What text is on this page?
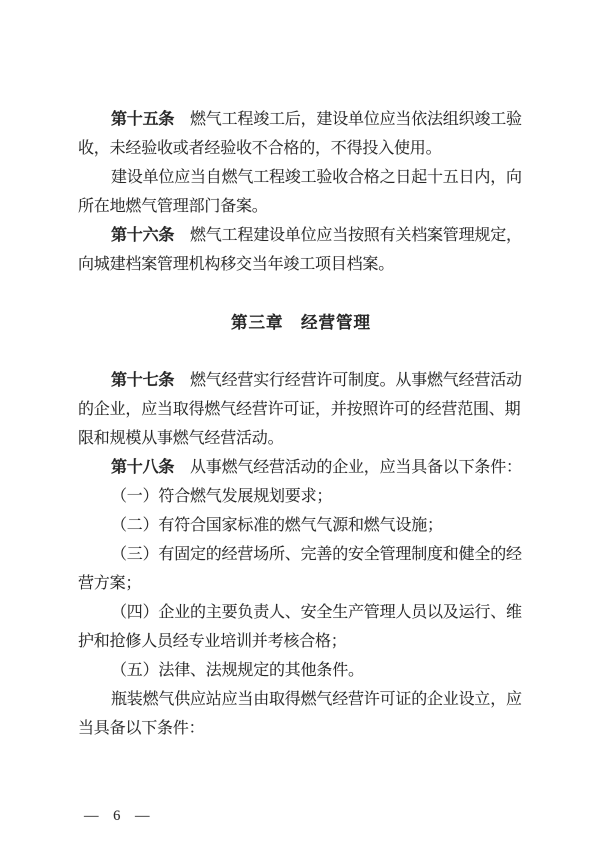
第十五条　燃气工程竣工后，建设单位应当依法组织竣工验
收，未经验收或者经验收不合格的，不得投入使用。
建设单位应当自燃气工程竣工验收合格之日起十五日内，向
所在地燃气管理部门备案。
第十六条　燃气工程建设单位应当按照有关档案管理规定，
向城建档案管理机构移交当年竣工项目档案。
第三章　经营管理
第十七条　燃气经营实行经营许可制度。从事燃气经营活动
的企业，应当取得燃气经营许可证，并按照许可的经营范围、期
限和规模从事燃气经营活动。
第十八条　从事燃气经营活动的企业，应当具备以下条件：
（一）符合燃气发展规划要求；
（二）有符合国家标准的燃气气源和燃气设施；
（三）有固定的经营场所、完善的安全管理制度和健全的经
营方案；
（四）企业的主要负责人、安全生产管理人员以及运行、维
护和抢修人员经专业培训并考核合格；
（五）法律、法规规定的其他条件。
瓶装燃气供应站应当由取得燃气经营许可证的企业设立，应
当具备以下条件：
— 6 —
